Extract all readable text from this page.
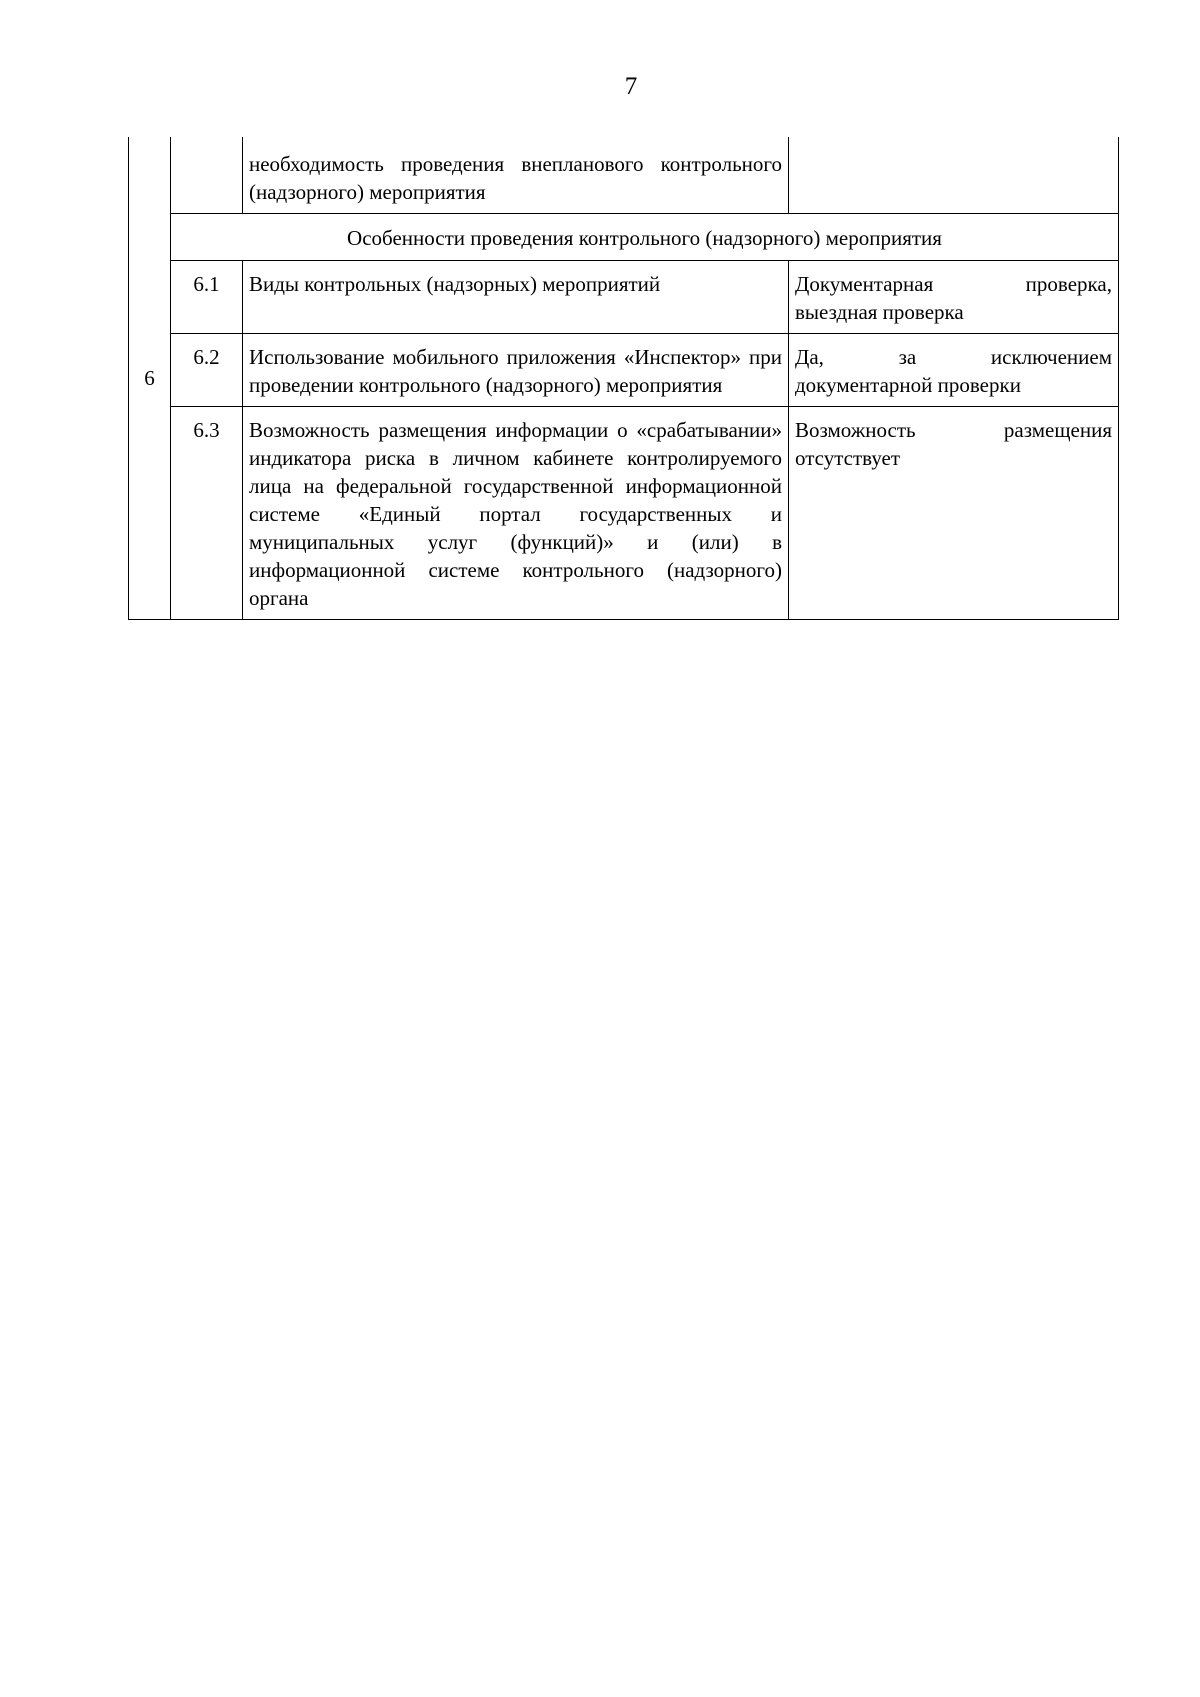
7
6		необходимость проведения внепланового контрольного (надзорного) мероприятия	
	Особенности проведения контрольного (надзорного) мероприятия		
	6.1	Виды контрольных (надзорных) мероприятий	Документарная проверка, выездная проверка
	6.2	Использование мобильного приложения «Инспектор» при проведении контрольного (надзорного) мероприятия	Да, за исключением документарной проверки
	6.3	Возможность размещения информации о «срабатывании» индикатора риска в личном кабинете контролируемого лица на федеральной государственной информационной системе «Единый портал государственных и муниципальных услуг (функций)» и (или) в информационной системе контрольного (надзорного) органа	Возможность размещения отсутствует
